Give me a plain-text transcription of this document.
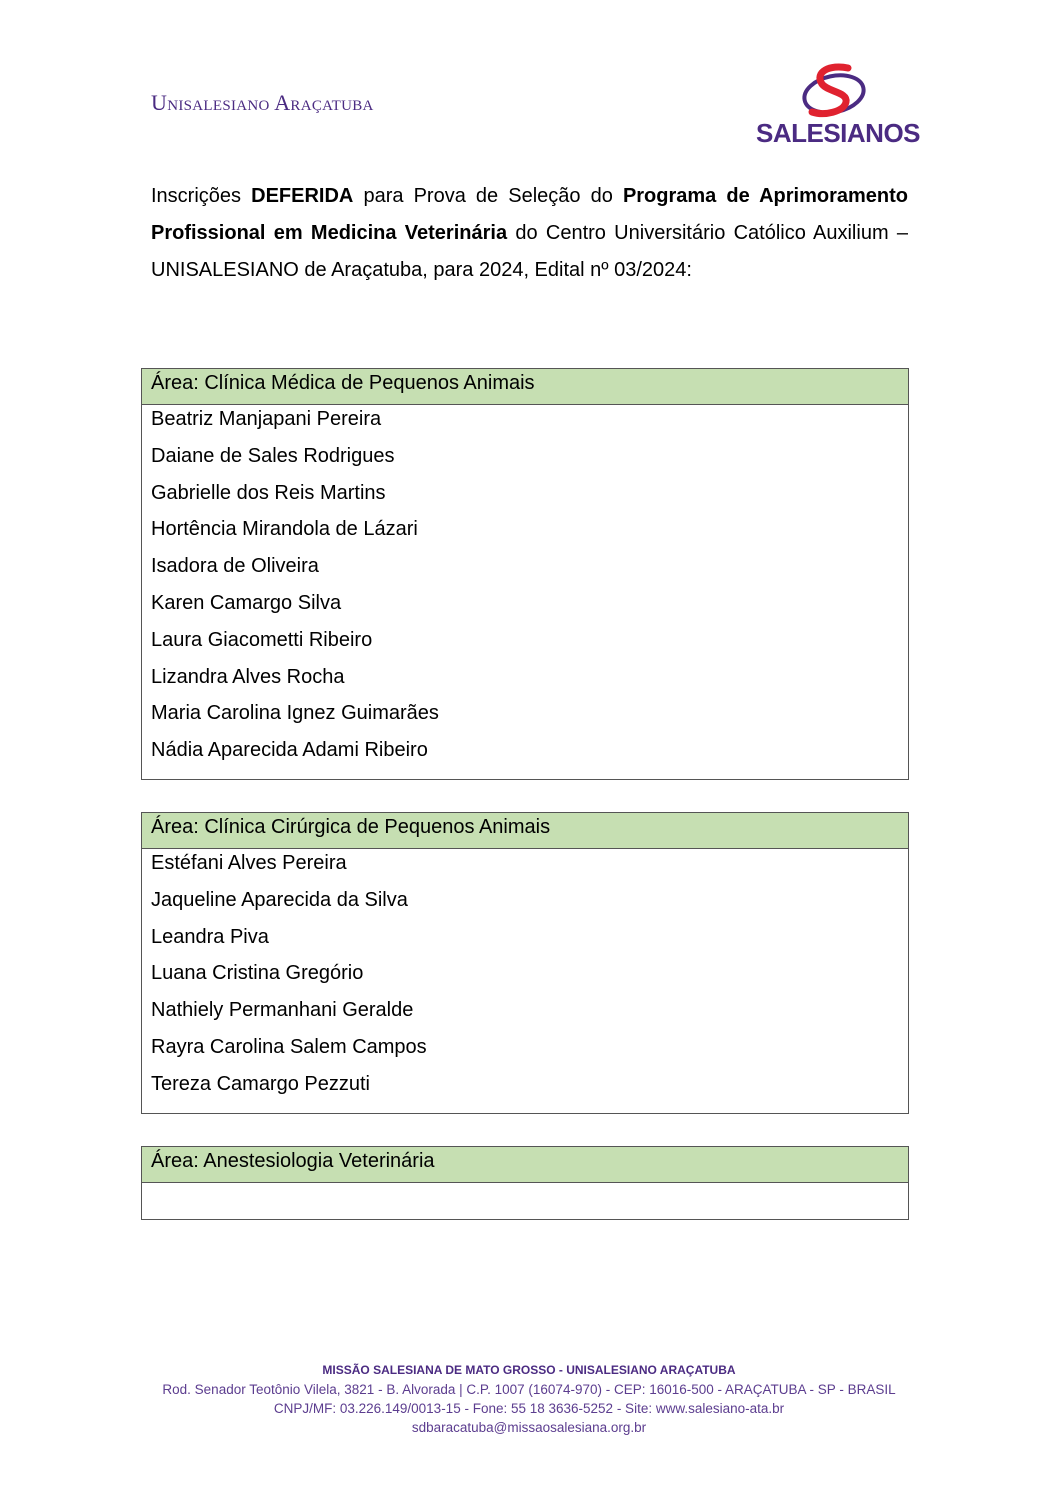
Unisalesiano Araçatuba
SALESIANOS

Inscrições DEFERIDA para Prova de Seleção do Programa de Aprimoramento Profissional em Medicina Veterinária do Centro Universitário Católico Auxilium – UNISALESIANO de Araçatuba, para 2024, Edital nº 03/2024:

Área: Clínica Médica de Pequenos Animais
Beatriz Manjapani Pereira
Daiane de Sales Rodrigues
Gabrielle dos Reis Martins
Hortência Mirandola de Lázari
Isadora de Oliveira
Karen Camargo Silva
Laura Giacometti Ribeiro
Lizandra Alves Rocha
Maria Carolina Ignez Guimarães
Nádia Aparecida Adami Ribeiro
Área: Clínica Cirúrgica de Pequenos Animais
Estéfani Alves Pereira
Jaqueline Aparecida da Silva
Leandra Piva
Luana Cristina Gregório
Nathiely Permanhani Geralde
Rayra Carolina Salem Campos
Tereza Camargo Pezzuti
Área: Anestesiologia Veterinária
MISSÃO SALESIANA DE MATO GROSSO - UNISALESIANO ARAÇATUBA
Rod. Senador Teotônio Vilela, 3821 - B. Alvorada | C.P. 1007 (16074-970) - CEP: 16016-500 - ARAÇATUBA - SP - BRASIL
CNPJ/MF: 03.226.149/0013-15 - Fone: 55 18 3636-5252 - Site: www.salesiano-ata.br
sdbaracatuba@missaosalesiana.org.br
